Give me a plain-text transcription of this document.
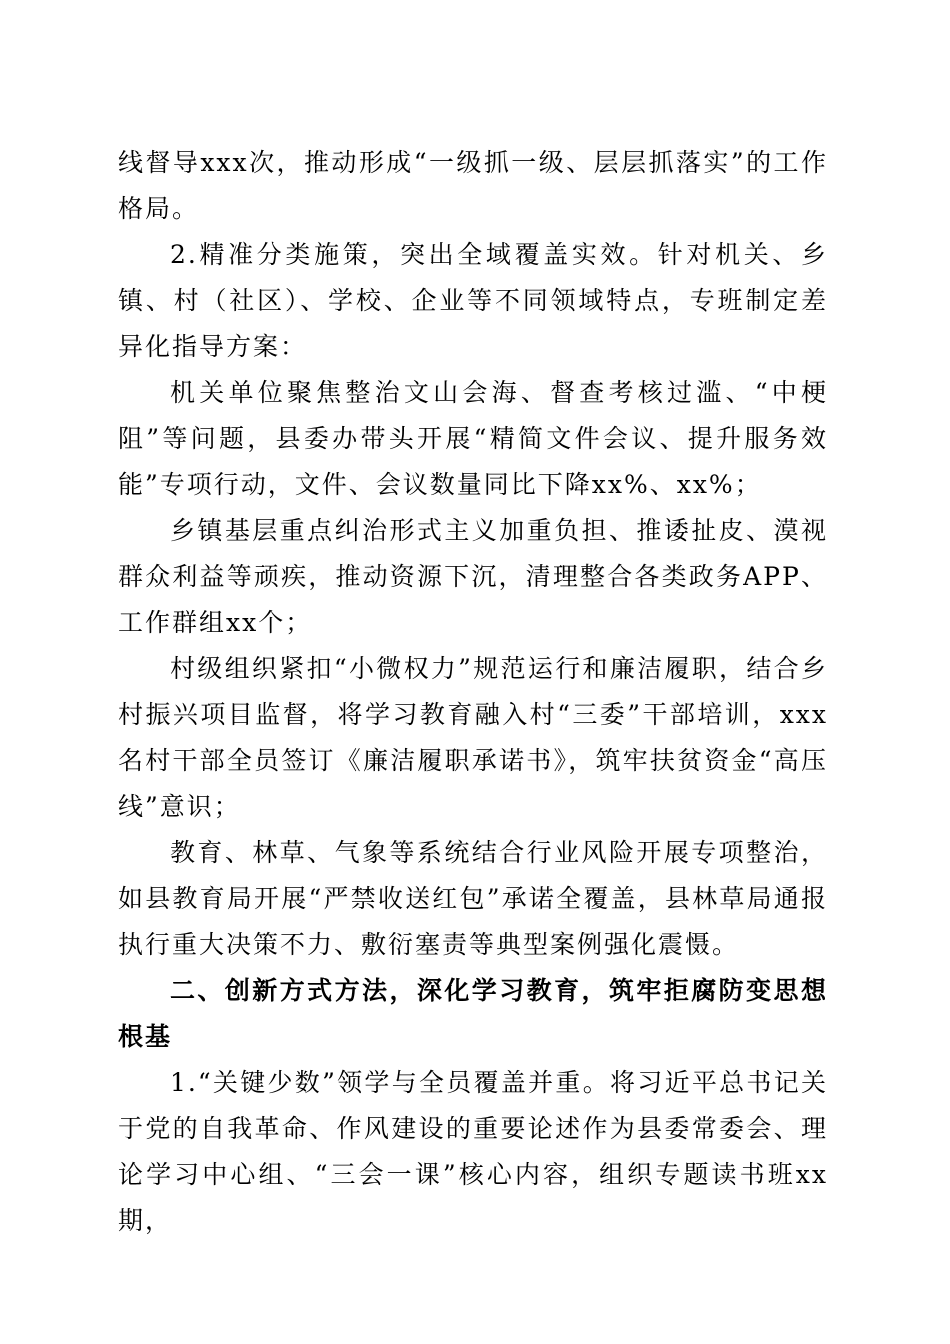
线督导xxx次，推动形成“一级抓一级、层层抓落实”的工作格局。

2.精准分类施策，突出全域覆盖实效。针对机关、乡镇、村（社区）、学校、企业等不同领域特点，专班制定差异化指导方案：

机关单位聚焦整治文山会海、督查考核过滥、“中梗阻”等问题，县委办带头开展“精简文件会议、提升服务效能”专项行动，文件、会议数量同比下降xx%、xx%；

乡镇基层重点纠治形式主义加重负担、推诿扯皮、漠视群众利益等顽疾，推动资源下沉，清理整合各类政务APP、工作群组xx个；

村级组织紧扣“小微权力”规范运行和廉洁履职，结合乡村振兴项目监督，将学习教育融入村“三委”干部培训，xxx名村干部全员签订《廉洁履职承诺书》，筑牢扶贫资金“高压线”意识；

教育、林草、气象等系统结合行业风险开展专项整治，如县教育局开展“严禁收送红包”承诺全覆盖，县林草局通报执行重大决策不力、敷衍塞责等典型案例强化震慑。

二、创新方式方法，深化学习教育，筑牢拒腐防变思想根基

1.“关键少数”领学与全员覆盖并重。将习近平总书记关于党的自我革命、作风建设的重要论述作为县委常委会、理论学习中心组、“三会一课”核心内容，组织专题读书班xx期，
